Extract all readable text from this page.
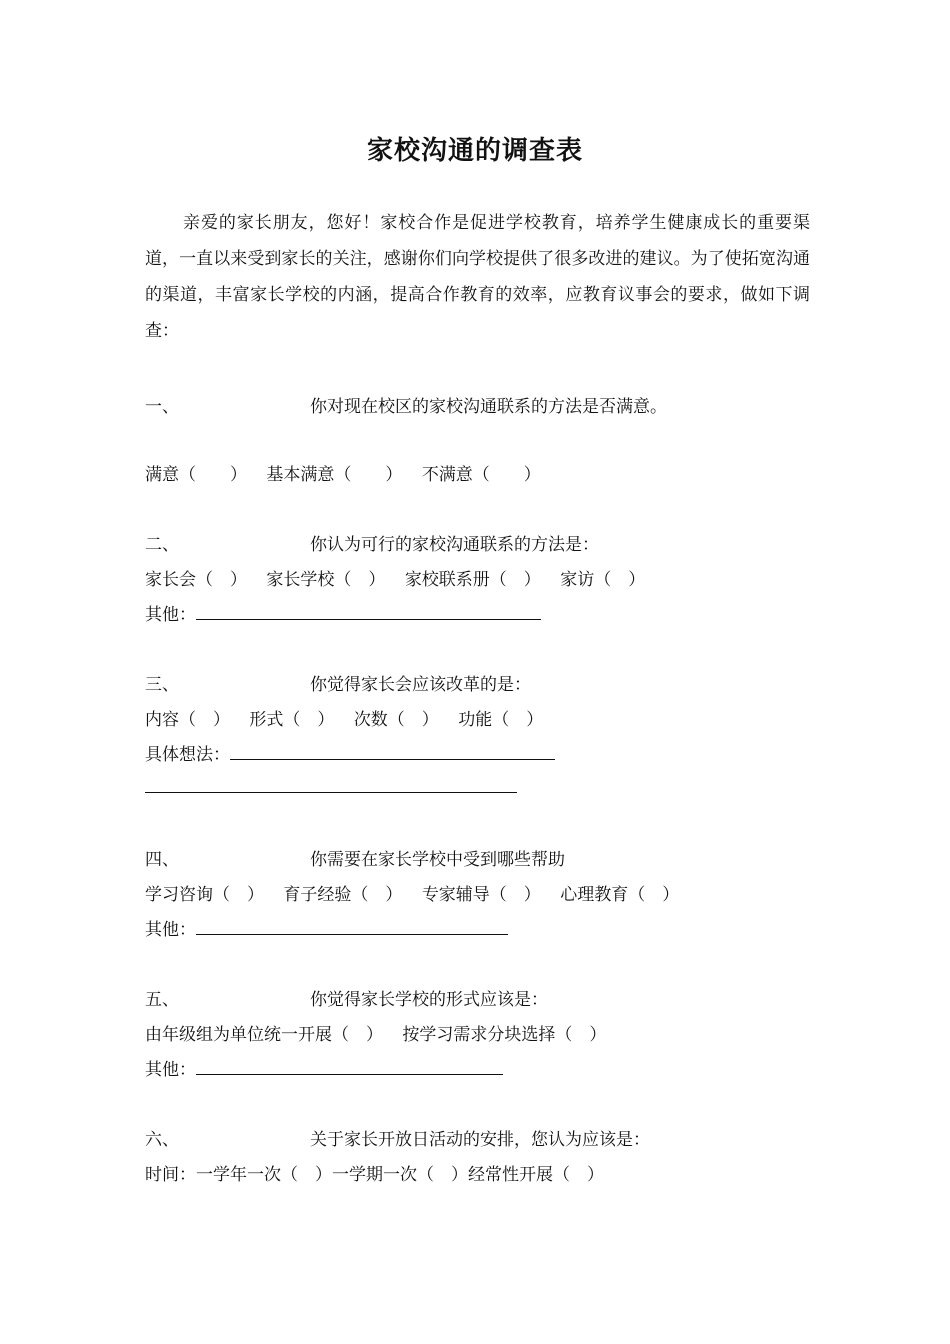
家校沟通的调查表

亲爱的家长朋友，您好！家校合作是促进学校教育，培养学生健康成长的重要渠道，一直以来受到家长的关注，感谢你们向学校提供了很多改进的建议。为了使拓宽沟通的渠道，丰富家长学校的内涵，提高合作教育的效率，应教育议事会的要求，做如下调查：

一、	你对现在校区的家校沟通联系的方法是否满意。
满意（　　） 基本满意（　　） 不满意（　　）
二、	你认为可行的家校沟通联系的方法是：
家长会（　） 家长学校（　） 家校联系册（　） 家访（　）
其他：
三、	你觉得家长会应该改革的是：
内容（　） 形式（　） 次数（　） 功能（　）
具体想法：
四、	你需要在家长学校中受到哪些帮助
学习咨询（　） 育子经验（　） 专家辅导（　） 心理教育（　）
其他：
五、	你觉得家长学校的形式应该是：
由年级组为单位统一开展（　） 按学习需求分块选择（　）
其他：
六、	关于家长开放日活动的安排，您认为应该是：
时间：一学年一次（　）一学期一次（　）经常性开展（　）
